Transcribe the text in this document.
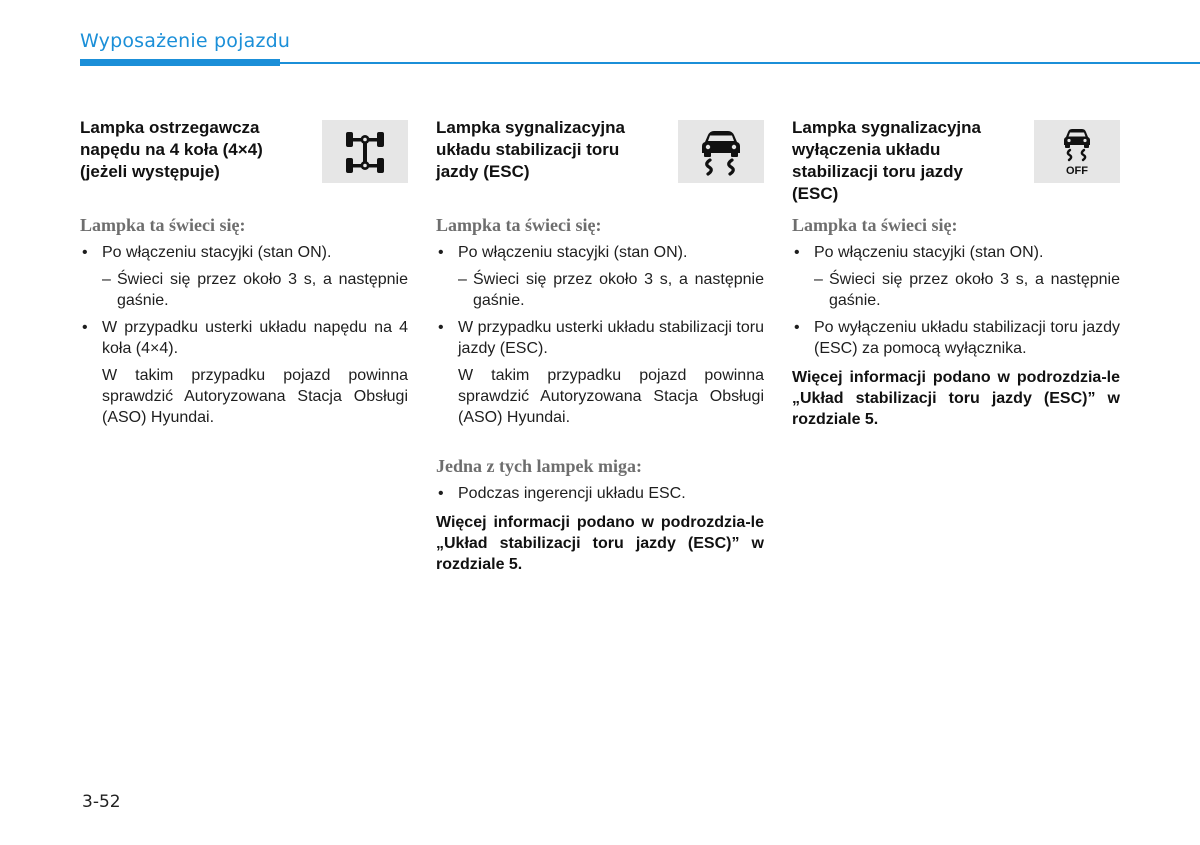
Wyposażenie pojazdu
Lampka ostrzegawcza napędu na 4 koła (4×4) (jeżeli występuje)
Lampka ta świeci się:
• Po włączeniu stacyjki (stan ON).
– Świeci się przez około 3 s, a następnie gaśnie.
• W przypadku usterki układu napędu na 4 koła (4×4).
W takim przypadku pojazd powinna sprawdzić Autoryzowana Stacja Obsługi (ASO) Hyundai.
Lampka sygnalizacyjna układu stabilizacji toru jazdy (ESC)
Lampka ta świeci się:
• Po włączeniu stacyjki (stan ON).
– Świeci się przez około 3 s, a następnie gaśnie.
• W przypadku usterki układu stabilizacji toru jazdy (ESC).
W takim przypadku pojazd powinna sprawdzić Autoryzowana Stacja Obsługi (ASO) Hyundai.
Jedna z tych lampek miga:
• Podczas ingerencji układu ESC.
Więcej informacji podano w podrozdzia-le „Układ stabilizacji toru jazdy (ESC)” w rozdziale 5.
Lampka sygnalizacyjna wyłączenia układu stabilizacji toru jazdy (ESC)
OFF
Lampka ta świeci się:
• Po włączeniu stacyjki (stan ON).
– Świeci się przez około 3 s, a następnie gaśnie.
• Po wyłączeniu układu stabilizacji toru jazdy (ESC) za pomocą wyłącznika.
Więcej informacji podano w podrozdzia-le „Układ stabilizacji toru jazdy (ESC)” w rozdziale 5.
3-52
